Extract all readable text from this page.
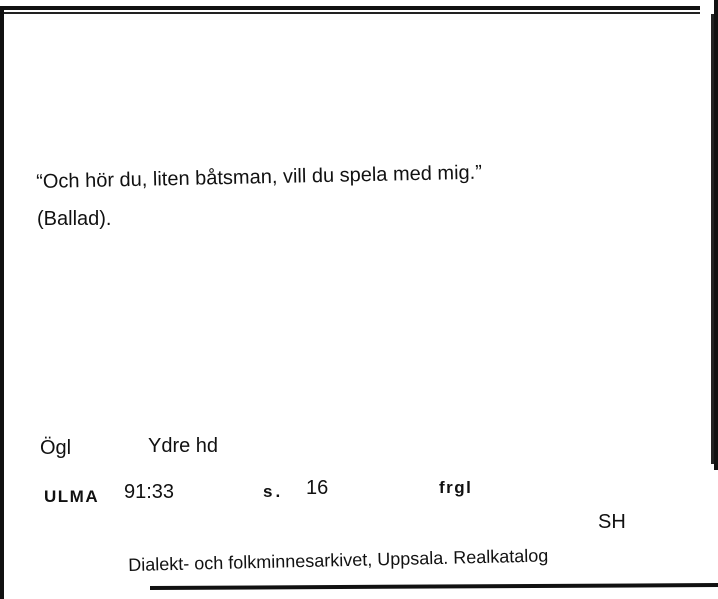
“Och hör du, liten båtsman, vill du spela med mig.”
(Ballad).
Ögl	Ydre hd
ULMA 91:33	s. 16	frgl
SH
Dialekt- och folkminnesarkivet, Uppsala. Realkatalog
